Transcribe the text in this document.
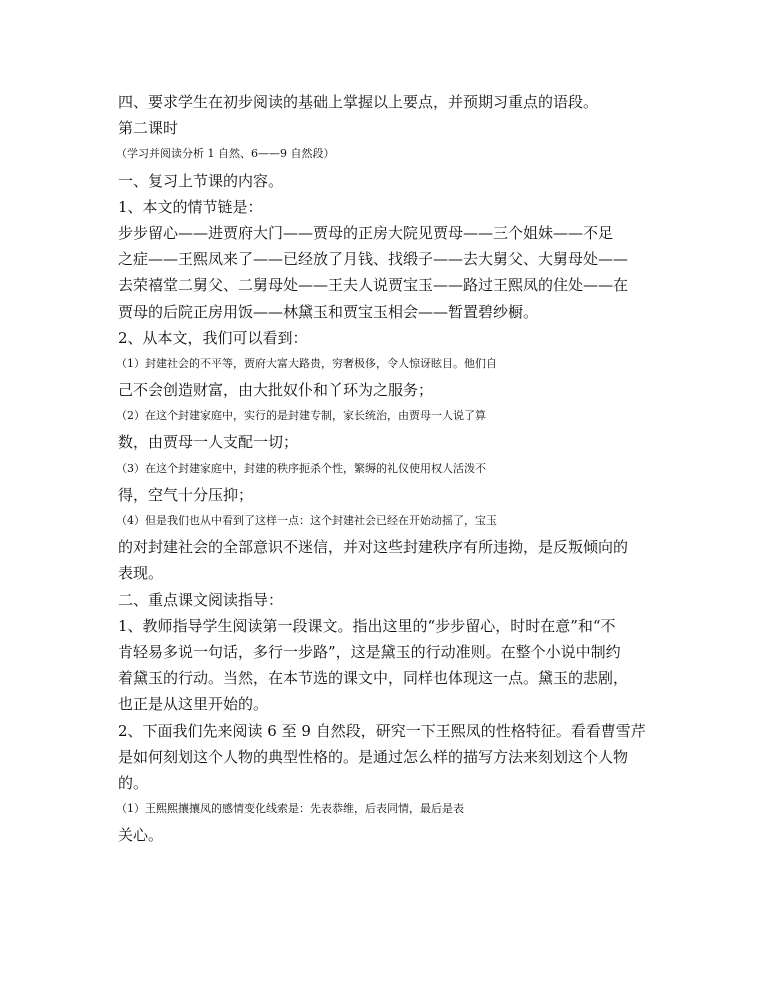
四、要求学生在初步阅读的基础上掌握以上要点，并预期习重点的语段。
第二课时
（学习并阅读分析 1 自然、6——9 自然段）
一、复习上节课的内容。
1、本文的情节链是：
步步留心——进贾府大门——贾母的正房大院见贾母——三个姐妹——不足
之症——王熙凤来了——已经放了月钱、找缎子——去大舅父、大舅母处——
去荣禧堂二舅父、二舅母处——王夫人说贾宝玉——路过王熙凤的住处——在
贾母的后院正房用饭——林黛玉和贾宝玉相会——暂置碧纱橱。
2、从本文，我们可以看到：
（1）封建社会的不平等，贾府大富大路贵，穷奢极侈，令人惊讶眩目。他们自
己不会创造财富，由大批奴仆和丫环为之服务；
（2）在这个封建家庭中，实行的是封建专制，家长统治，由贾母一人说了算
数，由贾母一人支配一切；
（3）在这个封建家庭中，封建的秩序扼杀个性，繁缛的礼仪使用权人活泼不
得，空气十分压抑；
（4）但是我们也从中看到了这样一点：这个封建社会已经在开始动摇了，宝玉
的对封建社会的全部意识不迷信，并对这些封建秩序有所违拗，是反叛倾向的
表现。
二、重点课文阅读指导：
1、教师指导学生阅读第一段课文。指出这里的“步步留心，时时在意”和“不
肯轻易多说一句话，多行一步路”，这是黛玉的行动准则。在整个小说中制约
着黛玉的行动。当然，在本节选的课文中，同样也体现这一点。黛玉的悲剧，
也正是从这里开始的。
2、下面我们先来阅读 6 至 9 自然段，研究一下王熙凤的性格特征。看看曹雪芹
是如何刻划这个人物的典型性格的。是通过怎么样的描写方法来刻划这个人物
的。
（1）王熙熙攘攘凤的感情变化线索是：先表恭维，后表同情，最后是表
关心。
